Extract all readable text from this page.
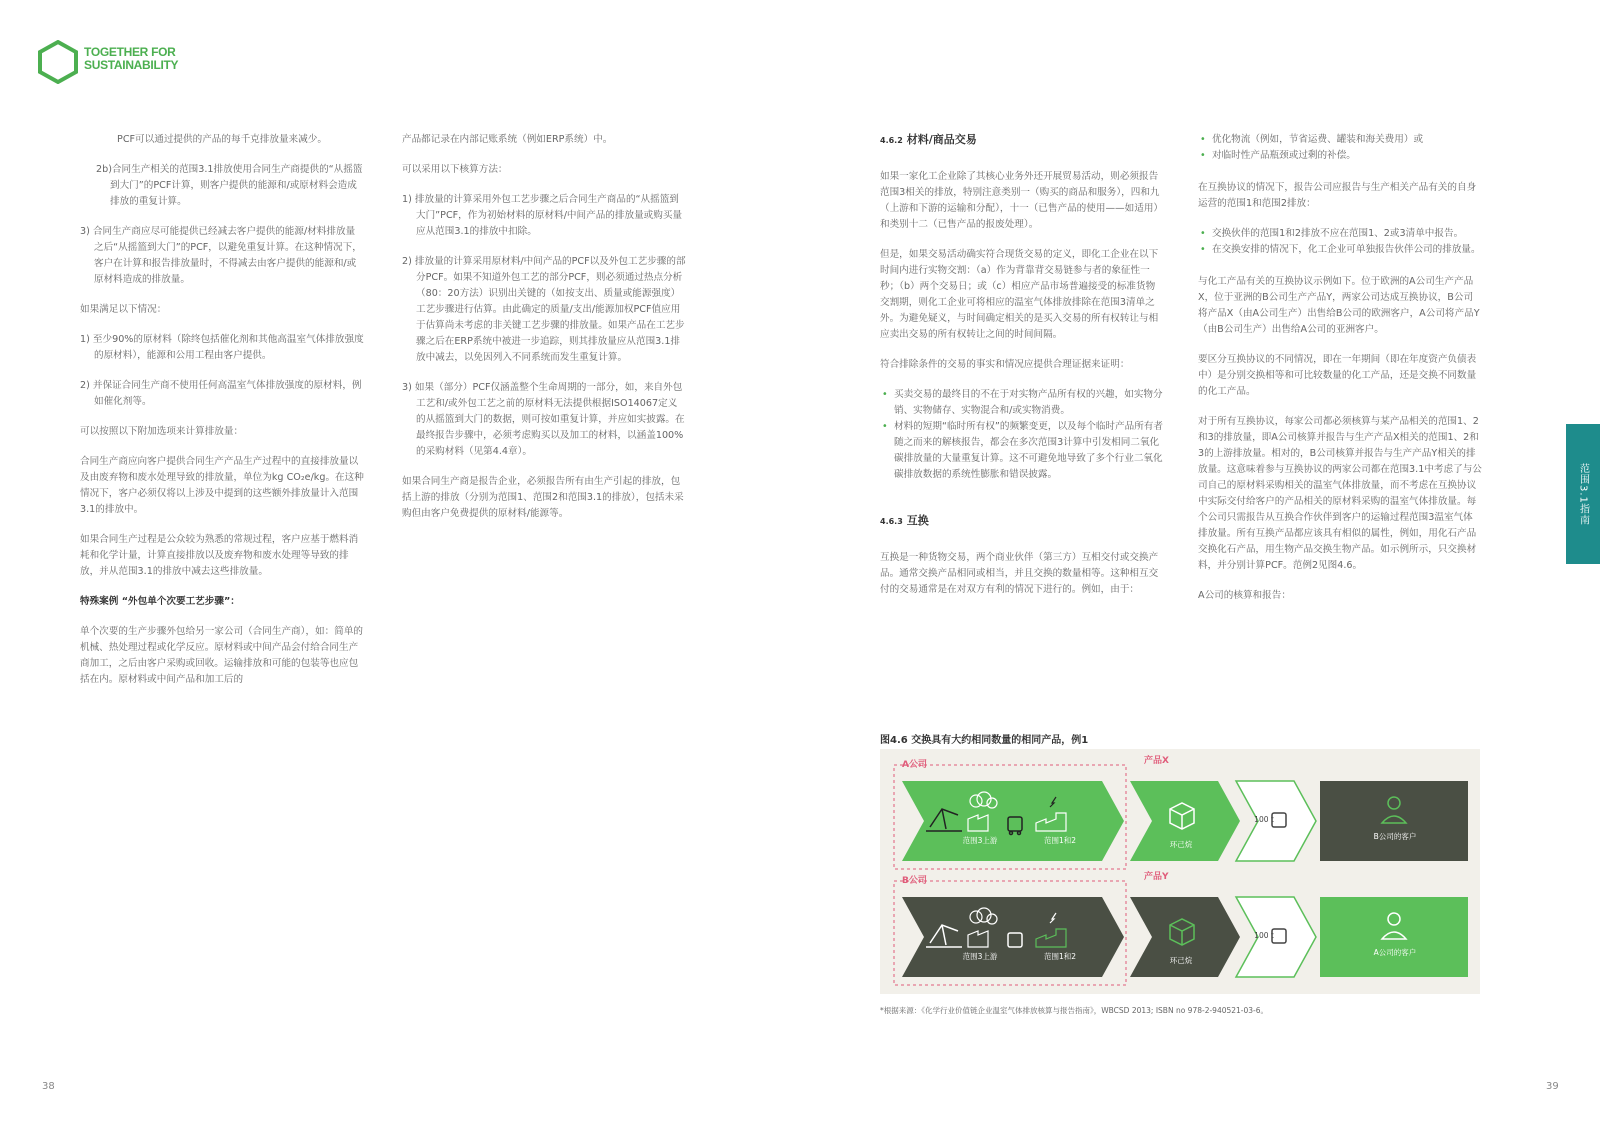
TOGETHER FOR
SUSTAINABILITY

PCF可以通过提供的产品的每千克排放量来减少。

2b)合同生产相关的范围3.1排放使用合同生产商提供的“从摇篮到大门”的PCF计算，则客户提供的能源和/或原材料会造成排放的重复计算。

3) 合同生产商应尽可能提供已经减去客户提供的能源/材料排放量之后“从摇篮到大门”的PCF，以避免重复计算。在这种情况下，客户在计算和报告排放量时，不得减去由客户提供的能源和/或原材料造成的排放量。

如果满足以下情况：

1) 至少90%的原材料（除终包括催化剂和其他高温室气体排放强度的原材料），能源和公用工程由客户提供。

2) 并保证合同生产商不使用任何高温室气体排放强度的原材料，例如催化剂等。

可以按照以下附加选项来计算排放量：

合同生产商应向客户提供合同生产产品生产过程中的直接排放量以及由废弃物和废水处理导致的排放量，单位为kg CO₂e/kg。在这种情况下，客户必须仅将以上涉及中提到的这些额外排放量计入范围3.1的排放中。

如果合同生产过程是公众较为熟悉的常规过程，客户应基于燃料消耗和化学计量，计算直接排放以及废弃物和废水处理等导致的排放，并从范围3.1的排放中减去这些排放量。

特殊案例 “外包单个次要工艺步骤”：

单个次要的生产步骤外包给另一家公司（合同生产商），如：简单的机械、热处理过程或化学反应。原材料或中间产品会付给合同生产商加工，之后由客户采购或回收。运输排放和可能的包装等也应包括在内。原材料或中间产品和加工后的

产品都记录在内部记账系统（例如ERP系统）中。

可以采用以下核算方法：

1) 排放量的计算采用外包工艺步骤之后合同生产商品的“从摇篮到大门”PCF，作为初始材料的原材料/中间产品的排放量或购买量应从范围3.1的排放中扣除。

2) 排放量的计算采用原材料/中间产品的PCF以及外包工艺步骤的部分PCF。如果不知道外包工艺的部分PCF，则必须通过热点分析（80：20方法）识别出关键的（如按支出、质量或能源强度）工艺步骤进行估算。由此确定的质量/支出/能源加权PCF值应用于估算尚未考虑的非关键工艺步骤的排放量。如果产品在工艺步骤之后在ERP系统中被进一步追踪，则其排放量应从范围3.1排放中减去，以免因列入不同系统而发生重复计算。

3) 如果（部分）PCF仅涵盖整个生命周期的一部分，如，来自外包工艺和/或外包工艺之前的原材料无法提供根据ISO14067定义的从摇篮到大门的数据，则可按如重复计算，并应如实披露。在最终报告步骤中，必须考虑购买以及加工的材料，以涵盖100%的采购材料（见第4.4章）。

如果合同生产商是报告企业，必须报告所有由生产引起的排放，包括上游的排放（分别为范围1、范围2和范围3.1的排放），包括未采购但由客户免费提供的原材料/能源等。

4.6.2 材料/商品交易

如果一家化工企业除了其核心业务外还开展贸易活动，则必须报告范围3相关的排放，特别注意类别一（购买的商品和服务），四和九（上游和下游的运输和分配），十一（已售产品的使用——如适用）和类别十二（已售产品的报废处理）。

但是，如果交易活动确实符合现货交易的定义，即化工企业在以下时间内进行实物交割：（a）作为背靠背交易链参与者的象征性一秒；（b）两个交易日；或（c）相应产品市场普遍接受的标准货物交割期，则化工企业可将相应的温室气体排放排除在范围3清单之外。为避免疑义，与时间确定相关的是买入交易的所有权转让与相应卖出交易的所有权转让之间的时间间隔。

符合排除条件的交易的事实和情况应提供合理证据来证明：

• 买卖交易的最终目的不在于对实物产品所有权的兴趣，如实物分销、实物储存、实物混合和/或实物消费。
• 材料的短期“临时所有权”的频繁变更，以及每个临时产品所有者随之而来的解核报告，都会在多次范围3计算中引发相同二氧化碳排放量的大量重复计算。这不可避免地导致了多个行业二氧化碳排放数据的系统性膨胀和错误披露。
4.6.3 互换

互换是一种货物交易，两个商业伙伴（第三方）互相交付或交换产品。通常交换产品相同或相当，并且交换的数量相等。这种相互交付的交易通常是在对双方有利的情况下进行的。例如，由于：

• 优化物流（例如，节省运费、罐装和海关费用）或
• 对临时性产品瓶颈或过剩的补偿。

在互换协议的情况下，报告公司应报告与生产相关产品有关的自身运营的范围1和范围2排放：

• 交换伙伴的范围1和2排放不应在范围1、2或3清单中报告。
• 在交换安排的情况下，化工企业可单独报告伙伴公司的排放量。

与化工产品有关的互换协议示例如下。位于欧洲的A公司生产产品X，位于亚洲的B公司生产产品Y，两家公司达成互换协议，B公司将产品X（由A公司生产）出售给B公司的欧洲客户，A公司将产品Y（由B公司生产）出售给A公司的亚洲客户。

要区分互换协议的不同情况，即在一年期间（即在年度资产负债表中）是分别交换相等和可比较数量的化工产品，还是交换不同数量的化工产品。

对于所有互换协议，每家公司都必须核算与某产品相关的范围1、2和3的排放量，即A公司核算并报告与生产产品X相关的范围1、2和3的上游排放量。相对的，B公司核算并报告与生产产品Y相关的排放量。这意味着参与互换协议的两家公司都在范围3.1中考虑了与公司自己的原材料采购相关的温室气体排放量，而不考虑在互换协议中实际交付给客户的产品相关的原材料采购的温室气体排放量。每个公司只需报告从互换合作伙伴到客户的运输过程范围3温室气体排放量。所有互换产品都应该具有相似的属性，例如，用化石产品交换化石产品，用生物产品交换生物产品。如示例所示，只交换材料，并分别计算PCF。范例2见图4.6。

A公司的核算和报告：

范围3.1指南
图4.6 交换具有大约相同数量的相同产品，例1
A公司
B公司
产品X
产品Y
范围3上游	范围1和2	环己烷
100 t
B公司的客户
范围3上游	范围1和2	环己烷
100 t
A公司的客户
*根据来源：《化学行业价值链企业温室气体排放核算与报告指南》，WBCSD 2013; ISBN no 978-2-940521-03-6。
38	39
